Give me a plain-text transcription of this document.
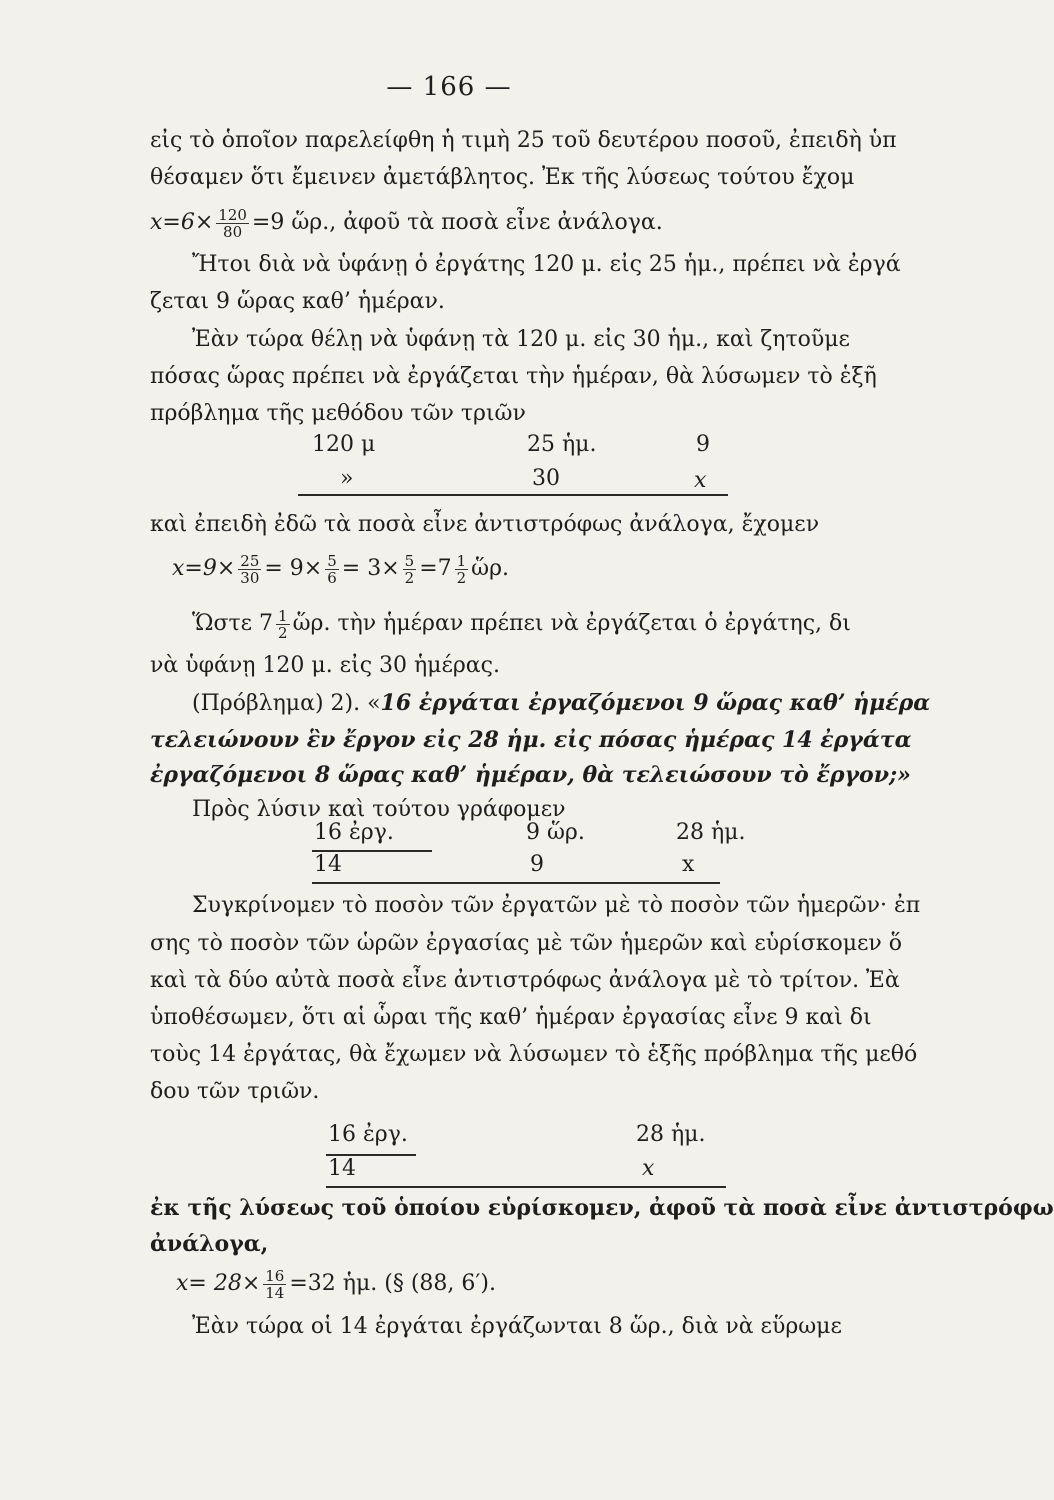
— 166 —
εἰς τὸ ὁποῖον παρελείφθη ἡ τιμὴ 25 τοῦ δευτέρου ποσοῦ, ἐπειδὴ ὑπ
θέσαμεν ὅτι ἔμεινεν ἀμετάβλητος. Ἐκ τῆς λύσεως τούτου ἔχομ
$x=6\times \frac{120}{80} =9$ ὥρ., ἀφοῦ τὰ ποσὰ εἶνε ἀνάλογα.
Ἤτοι διὰ νὰ ὑφάνῃ ὁ ἐργάτης 120 μ. εἰς 25 ἡμ., πρέπει νὰ ἐργά
ζεται 9 ὥρας καθ’ ἡμέραν.
Ἐὰν τώρα θέλῃ νὰ ὑφάνῃ τὰ 120 μ. εἰς 30 ἡμ., καὶ ζητοῦμε
πόσας ὥρας πρέπει νὰ ἐργάζεται τὴν ἡμέραν, θὰ λύσωμεν τὸ ἑξῆ
πρόβλημα τῆς μεθόδου τῶν τριῶν
120 μ	25 ἡμ.	9
»	30	x
καὶ ἐπειδὴ ἐδῶ τὰ ποσὰ εἶνε ἀντιστρόφως ἀνάλογα, ἔχομεν
$x=9\times \frac{25}{30} = 9\times \frac{5}{6} = 3\times \frac{5}{2} =7 \frac{1}{2}$ ὥρ.
Ὥστε $7 \frac{1}{2}$ ὥρ. τὴν ἡμέραν πρέπει νὰ ἐργάζεται ὁ ἐργάτης, δι
νὰ ὑφάνῃ 120 μ. εἰς 30 ἡμέρας.
(Πρόβλημα) 2). «16 ἐργάται ἐργαζόμενοι 9 ὥρας καθ’ ἡμέρα
τελειώνουν ἓν ἔργον εἰς 28 ἡμ. εἰς πόσας ἡμέρας 14 ἐργάτα
ἐργαζόμενοι 8 ὥρας καθ’ ἡμέραν, θὰ τελειώσουν τὸ ἔργον;»
Πρὸς λύσιν καὶ τούτου γράφομεν
16 ἐργ.	9 ὥρ.	28 ἡμ.
14	9	x
Συγκρίνομεν τὸ ποσὸν τῶν ἐργατῶν μὲ τὸ ποσὸν τῶν ἡμερῶν· ἐπ
σης τὸ ποσὸν τῶν ὡρῶν ἐργασίας μὲ τῶν ἡμερῶν καὶ εὑρίσκομεν ὅ
καὶ τὰ δύο αὐτὰ ποσὰ εἶνε ἀντιστρόφως ἀνάλογα μὲ τὸ τρίτον. Ἐὰ
ὑποθέσωμεν, ὅτι αἱ ὧραι τῆς καθ’ ἡμέραν ἐργασίας εἶνε 9 καὶ δι
τοὺς 14 ἐργάτας, θὰ ἔχωμεν νὰ λύσωμεν τὸ ἑξῆς πρόβλημα τῆς μεθό
δου τῶν τριῶν.
16 ἐργ.	28 ἡμ.
14	x
ἐκ τῆς λύσεως τοῦ ὁποίου εὑρίσκομεν, ἀφοῦ τὰ ποσὰ εἶνε ἀντιστρόφω
ἀνάλογα,
$x= 28\times \frac{16}{14} =32$ ἡμ. (§ (88, 6′).
Ἐὰν τώρα οἱ 14 ἐργάται ἐργάζωνται 8 ὥρ., διὰ νὰ εὕρωμε
